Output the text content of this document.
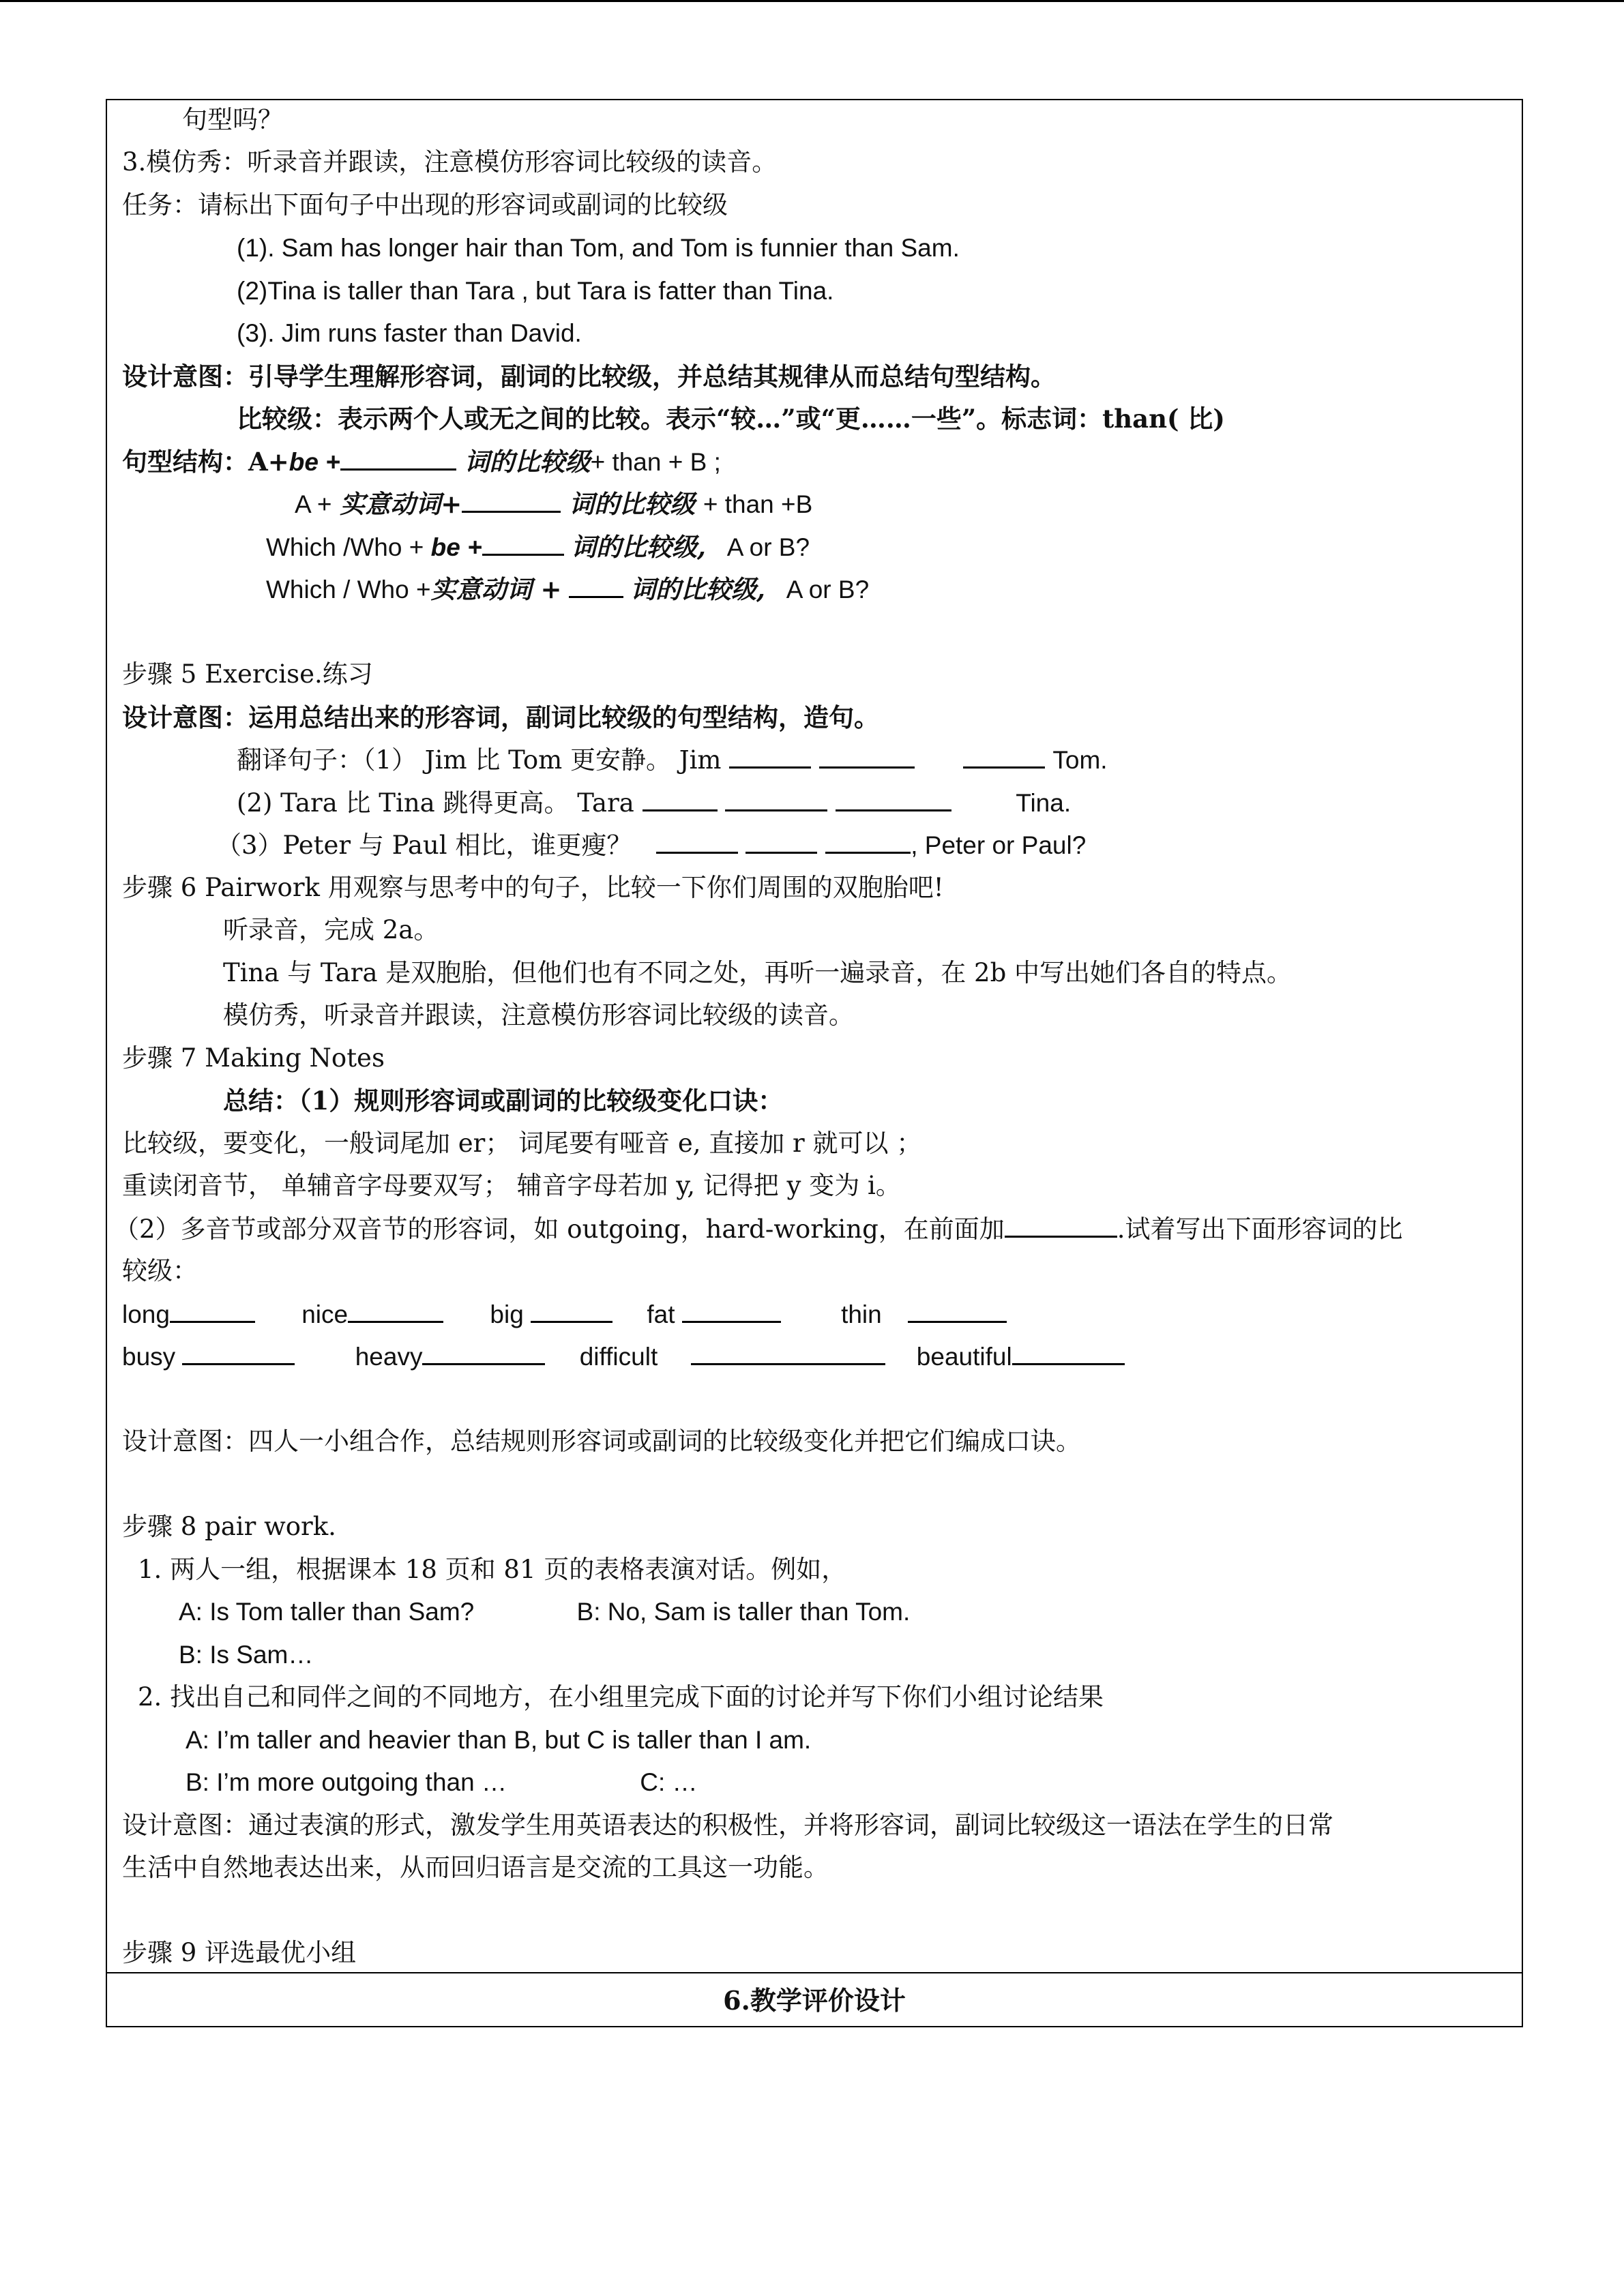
句型吗？
3.模仿秀：听录音并跟读，注意模仿形容词比较级的读音。
任务：请标出下面句子中出现的形容词或副词的比较级
(1). Sam has longer hair than Tom, and Tom is funnier than Sam.
(2)Tina is taller than Tara , but Tara is fatter than Tina.
(3). Jim runs faster than David.
设计意图：引导学生理解形容词，副词的比较级，并总结其规律从而总结句型结构。
比较级：表示两个人或无之间的比较。表示“较…”或“更……一些”。标志词：than( 比)
句型结构：A+be +	词的比较级+ than + B ;
A + 实意动词+	词的比较级 + than +B
Which /Who + be +	词的比较级, A or B?
Which / Who +实意动词 +	词的比较级, A or B?
步骤 5 Exercise.练习
设计意图：运用总结出来的形容词，副词比较级的句型结构，造句。
翻译句子：（1） Jim 比 Tom 更安静。 Jim	Tom.
(2) Tara 比 Tina 跳得更高。 Tara	Tina.
（3）Peter 与 Paul 相比，谁更瘦？	, Peter or Paul?
步骤 6 Pairwork 用观察与思考中的句子，比较一下你们周围的双胞胎吧!
听录音，完成 2a。
Tina 与 Tara 是双胞胎，但他们也有不同之处，再听一遍录音，在 2b 中写出她们各自的特点。
模仿秀，听录音并跟读，注意模仿形容词比较级的读音。
步骤 7 Making Notes
总结：（1）规则形容词或副词的比较级变化口诀：
比较级，要变化，一般词尾加 er； 词尾要有哑音 e, 直接加 r 就可以 ；
重读闭音节， 单辅音字母要双写； 辅音字母若加 y, 记得把 y 变为 i。
（2）多音节或部分双音节的形容词，如 outgoing，hard-working，在前面加	.试着写出下面形容词的比
较级：
long	nice	big	fat	thin
busy	heavy	difficult	beautiful
设计意图：四人一小组合作，总结规则形容词或副词的比较级变化并把它们编成口诀。
步骤 8 pair work.
1. 两人一组，根据课本 18 页和 81 页的表格表演对话。例如，
A: Is Tom taller than Sam?	B: No, Sam is taller than Tom.
B: Is Sam…
2. 找出自己和同伴之间的不同地方，在小组里完成下面的讨论并写下你们小组讨论结果
A: I’m taller and heavier than B, but C is taller than I am.
B: I’m more outgoing than …	C: …
设计意图：通过表演的形式，激发学生用英语表达的积极性，并将形容词，副词比较级这一语法在学生的日常
生活中自然地表达出来，从而回归语言是交流的工具这一功能。
步骤 9 评选最优小组
6.教学评价设计
